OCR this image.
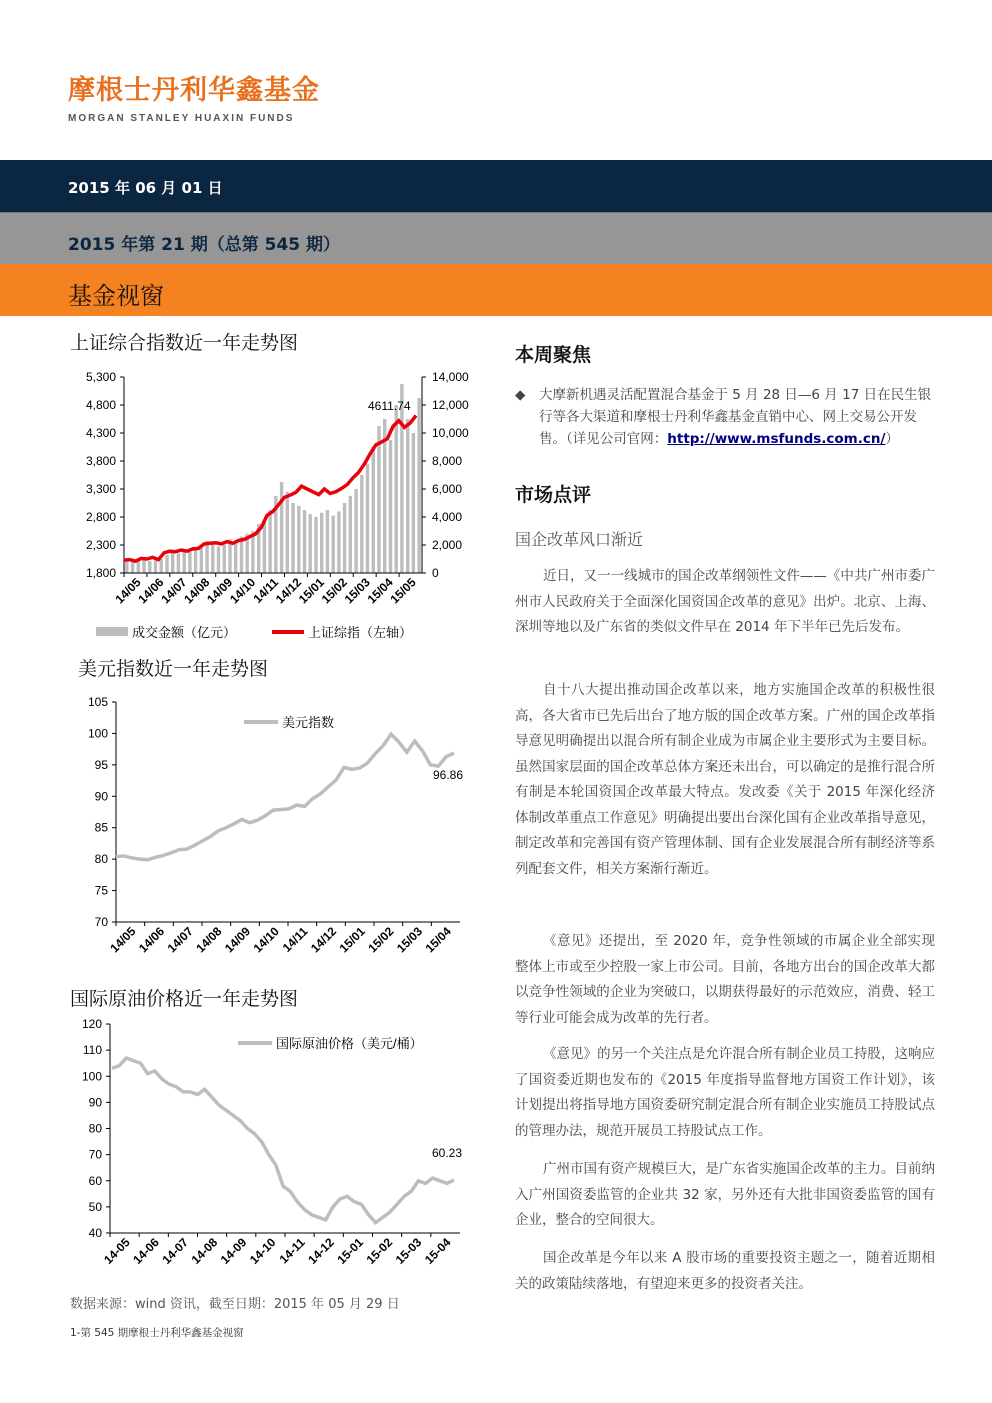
摩根士丹利华鑫基金
MORGAN STANLEY HUAXIN FUNDS
2015 年 06 月 01 日
2015 年第 21 期（总第 545 期）
基金视窗
上证综合指数近一年走势图
1,800
2,300
2,800
3,300
3,800
4,300
4,800
5,300
14/05
14/06
14/07
14/08
14/09
14/10
14/11
14/12
15/01
15/02
15/03
15/04
15/05
0
2,000
4,000
6,000
8,000
10,000
12,000
14,000
4611.74
成交金额（亿元）	上证综指（左轴）
美元指数近一年走势图
70
75
80
85
90
95
100
105
14/05
14/06
14/07
14/08
14/09
14/10
14/11
14/12
15/01
15/02
15/03
15/04
美元指数
96.86
国际原油价格近一年走势图
40
50
60
70
80
90
100
110
120
14-05
14-06
14-07
14-08
14-09
14-10
14-11
14-12
15-01
15-02
15-03
15-04
国际原油价格（美元/桶）
60.23
数据来源：wind 资讯，截至日期：2015 年 05 月 29 日
1-第 545 期摩根士丹利华鑫基金视窗
本周聚焦
◆ 大摩新机遇灵活配置混合基金于 5 月 28 日—6 月 17 日在民生银行等各大渠道和摩根士丹利华鑫基金直销中心、网上交易公开发售。（详见公司官网：http://www.msfunds.com.cn/）
市场点评
国企改革风口渐近
近日，又一一线城市的国企改革纲领性文件——《中共广州市委广州市人民政府关于全面深化国资国企改革的意见》出炉。北京、上海、深圳等地以及广东省的类似文件早在 2014 年下半年已先后发布。
自十八大提出推动国企改革以来，地方实施国企改革的积极性很高，各大省市已先后出台了地方版的国企改革方案。广州的国企改革指导意见明确提出以混合所有制企业成为市属企业主要形式为主要目标。虽然国家层面的国企改革总体方案还未出台，可以确定的是推行混合所有制是本轮国资国企改革最大特点。发改委《关于 2015 年深化经济体制改革重点工作意见》明确提出要出台深化国有企业改革指导意见，制定改革和完善国有资产管理体制、国有企业发展混合所有制经济等系列配套文件，相关方案渐行渐近。
《意见》还提出，至 2020 年，竞争性领域的市属企业全部实现整体上市或至少控股一家上市公司。目前，各地方出台的国企改革大都以竞争性领域的企业为突破口，以期获得最好的示范效应，消费、轻工等行业可能会成为改革的先行者。
《意见》的另一个关注点是允许混合所有制企业员工持股，这响应了国资委近期也发布的《2015 年度指导监督地方国资工作计划》，该计划提出将指导地方国资委研究制定混合所有制企业实施员工持股试点的管理办法，规范开展员工持股试点工作。
广州市国有资产规模巨大，是广东省实施国企改革的主力。目前纳入广州国资委监管的企业共 32 家，另外还有大批非国资委监管的国有企业，整合的空间很大。
国企改革是今年以来 A 股市场的重要投资主题之一，随着近期相关的政策陆续落地，有望迎来更多的投资者关注。
